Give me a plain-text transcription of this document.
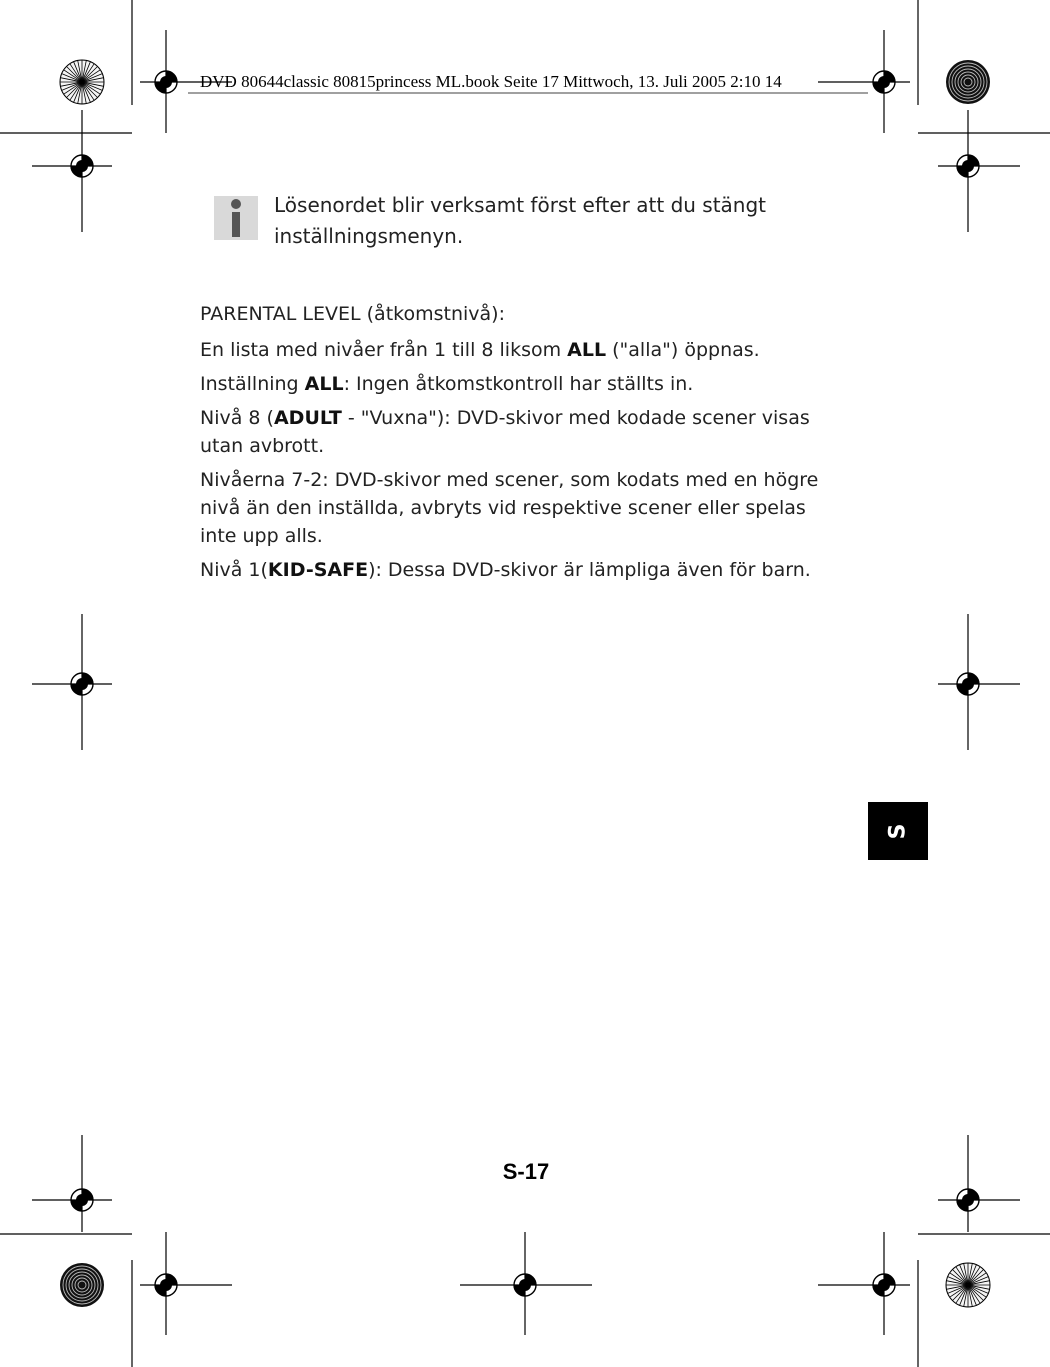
DVD 80644classic 80815princess ML.book Seite 17 Mittwoch, 13. Juli 2005 2:10 14

Lösenordet blir verksamt först efter att du stängt inställningsmenyn.

PARENTAL LEVEL (åtkomstnivå):

En lista med nivåer från 1 till 8 liksom ALL ("alla") öppnas.

Inställning ALL: Ingen åtkomstkontroll har ställts in.

Nivå 8 (ADULT - "Vuxna"): DVD-skivor med kodade scener visas utan avbrott.

Nivåerna 7-2: DVD-skivor med scener, som kodats med en högre nivå än den inställda, avbryts vid respektive scener eller spelas inte upp alls.

Nivå 1(KID-SAFE): Dessa DVD-skivor är lämpliga även för barn.

S
S-17
